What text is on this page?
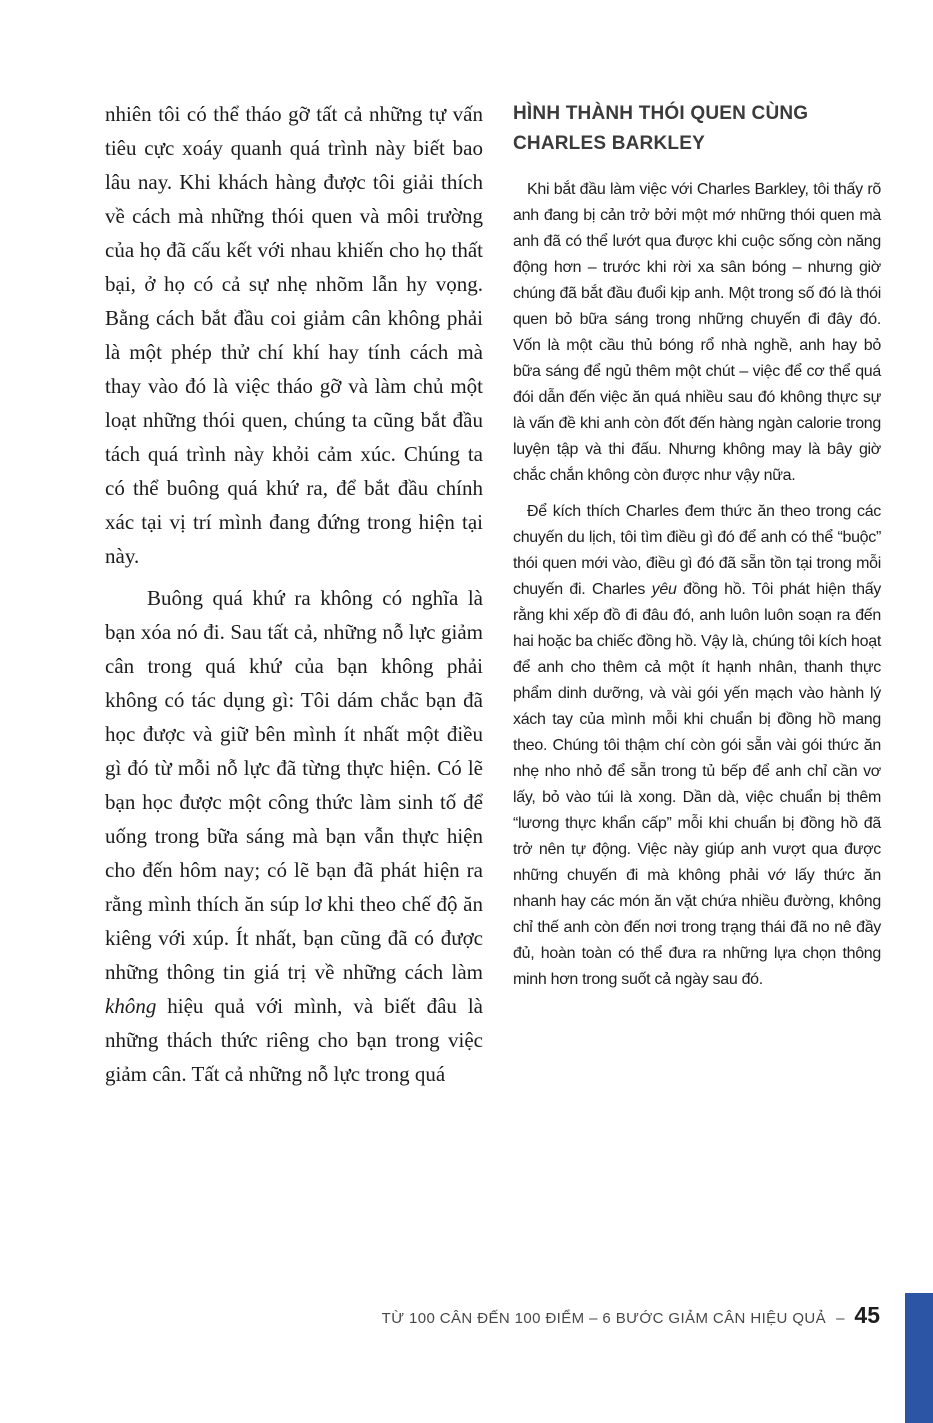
nhiên tôi có thể tháo gỡ tất cả những tự vấn tiêu cực xoáy quanh quá trình này biết bao lâu nay. Khi khách hàng được tôi giải thích về cách mà những thói quen và môi trường của họ đã cấu kết với nhau khiến cho họ thất bại, ở họ có cả sự nhẹ nhõm lẫn hy vọng. Bằng cách bắt đầu coi giảm cân không phải là một phép thử chí khí hay tính cách mà thay vào đó là việc tháo gỡ và làm chủ một loạt những thói quen, chúng ta cũng bắt đầu tách quá trình này khỏi cảm xúc. Chúng ta có thể buông quá khứ ra, để bắt đầu chính xác tại vị trí mình đang đứng trong hiện tại này.

Buông quá khứ ra không có nghĩa là bạn xóa nó đi. Sau tất cả, những nỗ lực giảm cân trong quá khứ của bạn không phải không có tác dụng gì: Tôi dám chắc bạn đã học được và giữ bên mình ít nhất một điều gì đó từ mỗi nỗ lực đã từng thực hiện. Có lẽ bạn học được một công thức làm sinh tố để uống trong bữa sáng mà bạn vẫn thực hiện cho đến hôm nay; có lẽ bạn đã phát hiện ra rằng mình thích ăn súp lơ khi theo chế độ ăn kiêng với xúp. Ít nhất, bạn cũng đã có được những thông tin giá trị về những cách làm không hiệu quả với mình, và biết đâu là những thách thức riêng cho bạn trong việc giảm cân. Tất cả những nỗ lực trong quá

HÌNH THÀNH THÓI QUEN CÙNG
CHARLES BARKLEY

Khi bắt đầu làm việc với Charles Barkley, tôi thấy rõ anh đang bị cản trở bởi một mớ những thói quen mà anh đã có thể lướt qua được khi cuộc sống còn năng động hơn – trước khi rời xa sân bóng – nhưng giờ chúng đã bắt đầu đuổi kịp anh. Một trong số đó là thói quen bỏ bữa sáng trong những chuyến đi đây đó. Vốn là một cầu thủ bóng rổ nhà nghề, anh hay bỏ bữa sáng để ngủ thêm một chút – việc để cơ thể quá đói dẫn đến việc ăn quá nhiều sau đó không thực sự là vấn đề khi anh còn đốt đến hàng ngàn calorie trong luyện tập và thi đấu. Nhưng không may là bây giờ chắc chắn không còn được như vậy nữa.

Để kích thích Charles đem thức ăn theo trong các chuyến du lịch, tôi tìm điều gì đó để anh có thể “buộc” thói quen mới vào, điều gì đó đã sẵn tồn tại trong mỗi chuyến đi. Charles yêu đồng hồ. Tôi phát hiện thấy rằng khi xếp đồ đi đâu đó, anh luôn luôn soạn ra đến hai hoặc ba chiếc đồng hồ. Vậy là, chúng tôi kích hoạt để anh cho thêm cả một ít hạnh nhân, thanh thực phẩm dinh dưỡng, và vài gói yến mạch vào hành lý xách tay của mình mỗi khi chuẩn bị đồng hồ mang theo. Chúng tôi thậm chí còn gói sẵn vài gói thức ăn nhẹ nho nhỏ để sẵn trong tủ bếp để anh chỉ cần vơ lấy, bỏ vào túi là xong. Dần dà, việc chuẩn bị thêm “lương thực khẩn cấp” mỗi khi chuẩn bị đồng hồ đã trở nên tự động. Việc này giúp anh vượt qua được những chuyến đi mà không phải vớ lấy thức ăn nhanh hay các món ăn vặt chứa nhiều đường, không chỉ thế anh còn đến nơi trong trạng thái đã no nê đầy đủ, hoàn toàn có thể đưa ra những lựa chọn thông minh hơn trong suốt cả ngày sau đó.

TỪ 100 CÂN ĐẾN 100 ĐIỂM – 6 BƯỚC GIẢM CÂN HIỆU QUẢ – 45
